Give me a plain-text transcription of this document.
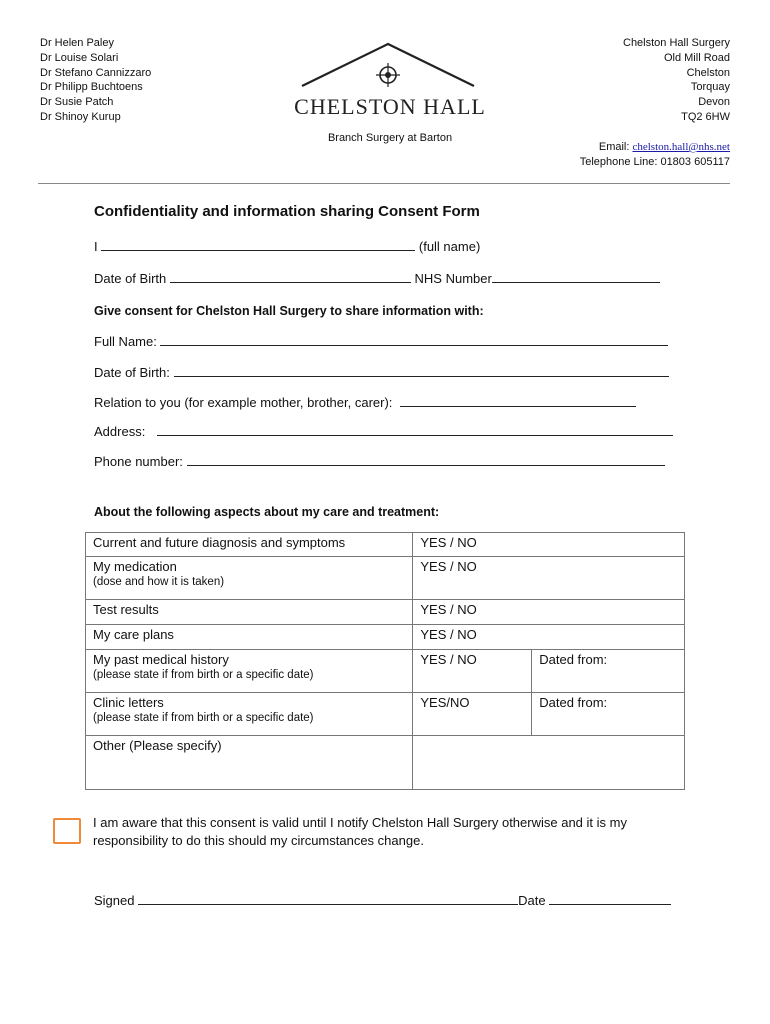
Dr Helen Paley
Dr Louise Solari
Dr Stefano Cannizzaro
Dr Philipp Buchtoens
Dr Susie Patch
Dr Shinoy Kurup	CHELSTON HALL
Branch Surgery at Barton
Chelston Hall Surgery
Old Mill Road
Chelston
Torquay
Devon
TQ2 6HW
Email: chelston.hall@nhs.net
Telephone Line: 01803 605117
Confidentiality and information sharing Consent Form
I	(full name)
Date of Birth	NHS Number
Give consent for Chelston Hall Surgery to share information with:
Full Name:
Date of Birth:
Relation to you (for example mother, brother, carer):
Address:
Phone number:
About the following aspects about my care and treatment:
Current and future diagnosis and symptoms	YES / NO	
My medication
(dose and how it is taken)	YES / NO	
Test results	YES / NO	
My care plans	YES / NO	
My past medical history
(please state if from birth or a specific date)	YES / NO	Dated from:
Clinic letters
(please state if from birth or a specific date)	YES/NO	Dated from:
Other (Please specify)		
I am aware that this consent is valid until I notify Chelston Hall Surgery otherwise and it is my responsibility to do this should my circumstances change.
Signed	Date
